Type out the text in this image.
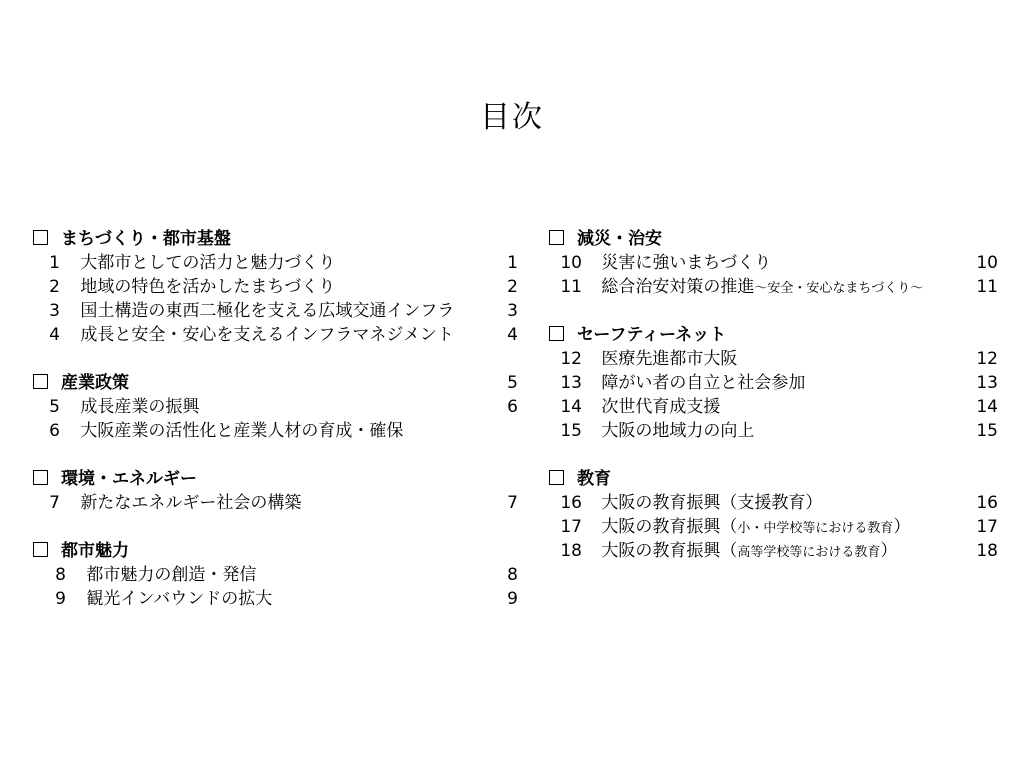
目次
まちづくり・都市基盤
1 大都市としての活力と魅力づくり
2 地域の特色を活かしたまちづくり
3 国土構造の東西二極化を支える広域交通インフラ
4 成長と安全・安心を支えるインフラマネジメント
産業政策
5 成長産業の振興
6 大阪産業の活性化と産業人材の育成・確保
環境・エネルギー
7 新たなエネルギー社会の構築
都市魅力
8 都市魅力の創造・発信
9 観光インバウンドの拡大
1
2
3
4
5
6
7
8
9
減災・治安
10 災害に強いまちづくり
11 総合治安対策の推進～安全・安心なまちづくり～
セーフティーネット
12 医療先進都市大阪
13 障がい者の自立と社会参加
14 次世代育成支援
15 大阪の地域力の向上
教育
16 大阪の教育振興（支援教育）
17 大阪の教育振興（小・中学校等における教育）
18 大阪の教育振興（高等学校等における教育）
10
11
12
13
14
15
16
17
18
